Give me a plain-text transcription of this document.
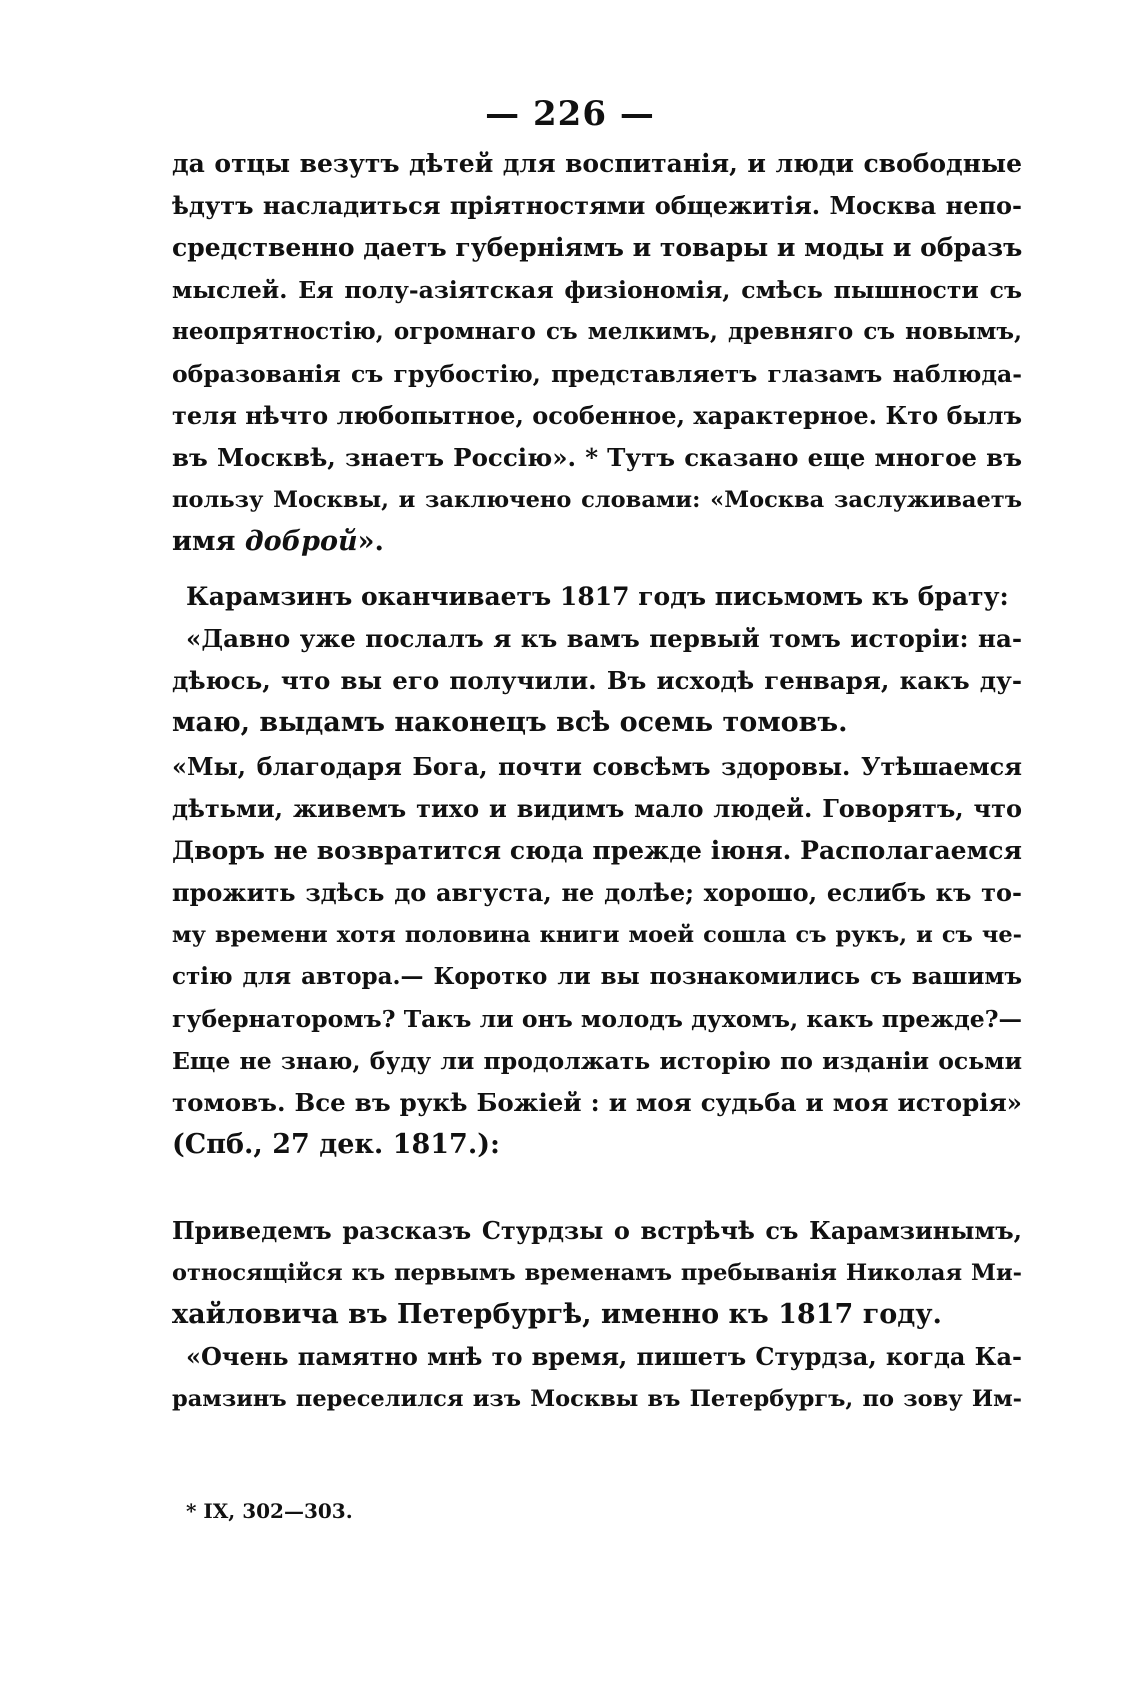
— 226 —
да отцы везутъ дѣтей для воспитанія, и люди свободные
ѣдутъ насладиться пріятностями общежитія. Москва непо-
средственно даетъ губерніямъ и товары и моды и образъ
мыслей. Ея полу-азіятская физіономія, смѣсь пышности съ
неопрятностію, огромнаго съ мелкимъ, древняго съ новымъ,
образованія съ грубостію, представляетъ глазамъ наблюда-
теля нѣчто любопытное, особенное, характерное. Кто былъ
въ Москвѣ, знаетъ Россію». * Тутъ сказано еще многое въ
пользу Москвы, и заключено словами: «Москва заслуживаетъ
имя доброй».
Карамзинъ оканчиваетъ 1817 годъ письмомъ къ брату:
«Давно уже послалъ я къ вамъ первый томъ исторіи: на-
дѣюсь, что вы его получили. Въ исходѣ генваря, какъ ду-
маю, выдамъ наконецъ всѣ осемь томовъ.
«Мы, благодаря Бога, почти совсѣмъ здоровы. Утѣшаемся
дѣтьми, живемъ тихо и видимъ мало людей. Говорятъ, что
Дворъ не возвратится сюда прежде іюня. Располагаемся
прожить здѣсь до августа, не долѣе; хорошо, еслибъ къ то-
му времени хотя половина книги моей сошла съ рукъ, и съ че-
стію для автора.— Коротко ли вы познакомились съ вашимъ
губернаторомъ? Такъ ли онъ молодъ духомъ, какъ прежде?—
Еще не знаю, буду ли продолжать исторію по изданіи осьми
томовъ. Все въ рукѣ Божіей : и моя судьба и моя исторія»
(Спб., 27 дек. 1817.):
Приведемъ разсказъ Стурдзы о встрѣчѣ съ Карамзинымъ,
относящійся къ первымъ временамъ пребыванія Николая Ми-
хайловича въ Петербургѣ, именно къ 1817 году.
«Очень памятно мнѣ то время, пишетъ Стурдза, когда Ка-
рамзинъ переселился изъ Москвы въ Петербургъ, по зову Им-
* IX, 302—303.
